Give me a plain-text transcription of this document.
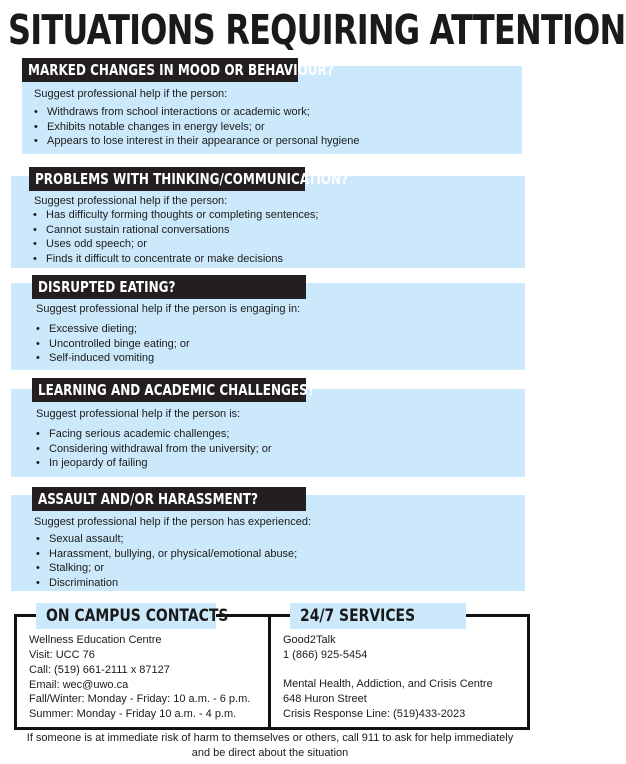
SITUATIONS REQUIRING ATTENTION
MARKED CHANGES IN MOOD OR BEHAVIOUR?
Suggest professional help if the person:
• Withdraws from school interactions or academic work;
• Exhibits notable changes in energy levels; or
• Appears to lose interest in their appearance or personal hygiene
PROBLEMS WITH THINKING/COMMUNICATION?
Suggest professional help if the person:
• Has difficulty forming thoughts or completing sentences;
• Cannot sustain rational conversations
• Uses odd speech; or
• Finds it difficult to concentrate or make decisions
DISRUPTED EATING?
Suggest professional help if the person is engaging in:
• Excessive dieting;
• Uncontrolled binge eating; or
• Self-induced vomiting
LEARNING AND ACADEMIC CHALLENGES?
Suggest professional help if the person is:
• Facing serious academic challenges;
• Considering withdrawal from the university; or
• In jeopardy of failing
ASSAULT AND/OR HARASSMENT?
Suggest professional help if the person has experienced:
• Sexual assault;
• Harassment, bullying, or physical/emotional abuse;
• Stalking; or
• Discrimination
ON CAMPUS CONTACTS	24/7 SERVICES
Wellness Education Centre
Visit: UCC 76
Call: (519) 661-2111 x 87127
Email: wec@uwo.ca
Fall/Winter: Monday - Friday: 10 a.m. - 6 p.m.
Summer: Monday - Friday 10 a.m. - 4 p.m.
Good2Talk
1 (866) 925-5454
Mental Health, Addiction, and Crisis Centre
648 Huron Street
Crisis Response Line: (519)433-2023
If someone is at immediate risk of harm to themselves or others, call 911 to ask for help immediately
and be direct about the situation
